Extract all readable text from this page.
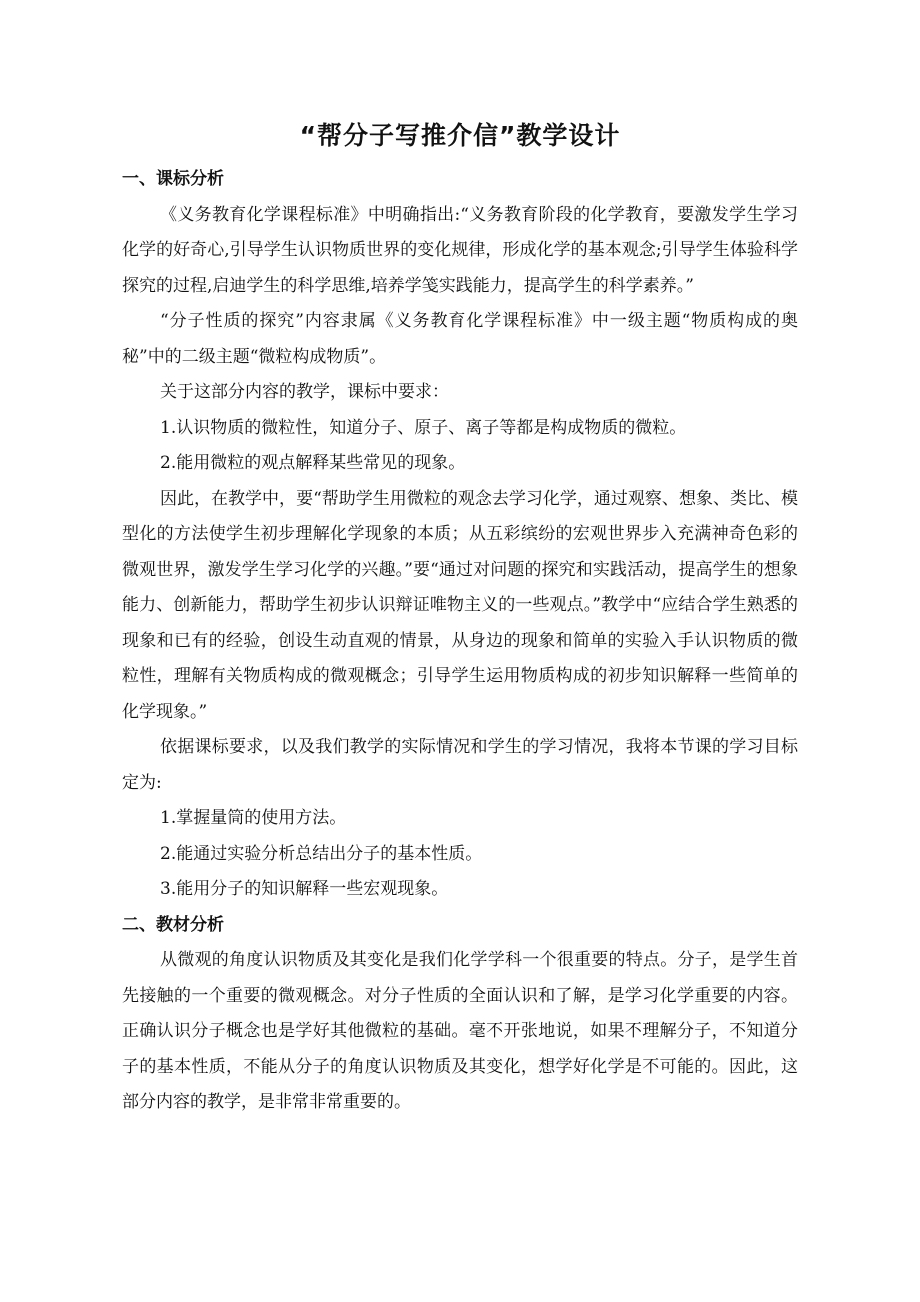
“帮分子写推介信”教学设计

一、课标分析

《义务教育化学课程标准》中明确指出:“义务教育阶段的化学教育，要激发学生学习化学的好奇心,引导学生认识物质世界的变化规律，形成化学的基本观念;引导学生体验科学探究的过程,启迪学生的科学思维,培养学笺实践能力，提高学生的科学素养。”

“分子性质的探究”内容隶属《义务教育化学课程标准》中一级主题“物质构成的奥秘”中的二级主题“微粒构成物质”。

关于这部分内容的教学，课标中要求：

1.认识物质的微粒性，知道分子、原子、离子等都是构成物质的微粒。

2.能用微粒的观点解释某些常见的现象。

因此，在教学中，要“帮助学生用微粒的观念去学习化学，通过观察、想象、类比、模型化的方法使学生初步理解化学现象的本质；从五彩缤纷的宏观世界步入充满神奇色彩的微观世界，激发学生学习化学的兴趣。”要“通过对问题的探究和实践活动，提高学生的想象能力、创新能力，帮助学生初步认识辩证唯物主义的一些观点。”教学中“应结合学生熟悉的现象和已有的经验，创设生动直观的情景，从身边的现象和简单的实验入手认识物质的微粒性，理解有关物质构成的微观概念；引导学生运用物质构成的初步知识解释一些简单的化学现象。”

依据课标要求，以及我们教学的实际情况和学生的学习情况，我将本节课的学习目标定为:

1.掌握量筒的使用方法。

2.能通过实验分析总结出分子的基本性质。

3.能用分子的知识解释一些宏观现象。

二、教材分析

从微观的角度认识物质及其变化是我们化学学科一个很重要的特点。分子，是学生首先接触的一个重要的微观概念。对分子性质的全面认识和了解，是学习化学重要的内容。正确认识分子概念也是学好其他微粒的基础。毫不开张地说，如果不理解分子，不知道分子的基本性质，不能从分子的角度认识物质及其变化，想学好化学是不可能的。因此，这部分内容的教学，是非常非常重要的。
